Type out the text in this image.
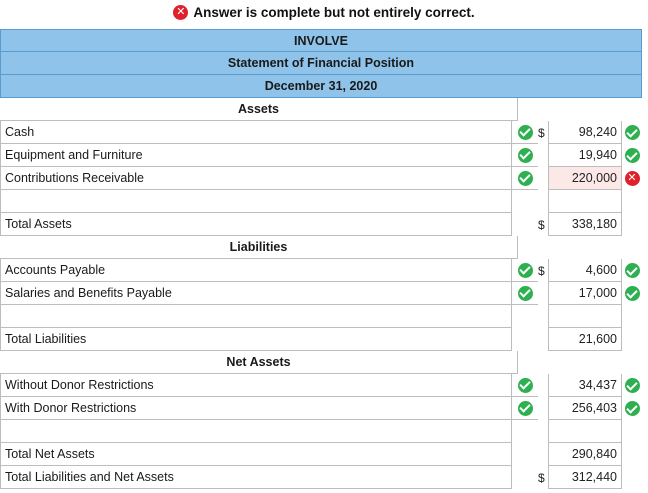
✕ Answer is complete but not entirely correct.
INVOLVE
Statement of Financial Position
December 31, 2020
Assets
Cash	$	98,240
Equipment and Furniture	19,940
Contributions Receivable	220,000 ✕
Total Assets	$	338,180
Liabilities
Accounts Payable	$	4,600
Salaries and Benefits Payable	17,000
Total Liabilities	21,600
Net Assets
Without Donor Restrictions	34,437
With Donor Restrictions	256,403
Total Net Assets	290,840
Total Liabilities and Net Assets	$	312,440
